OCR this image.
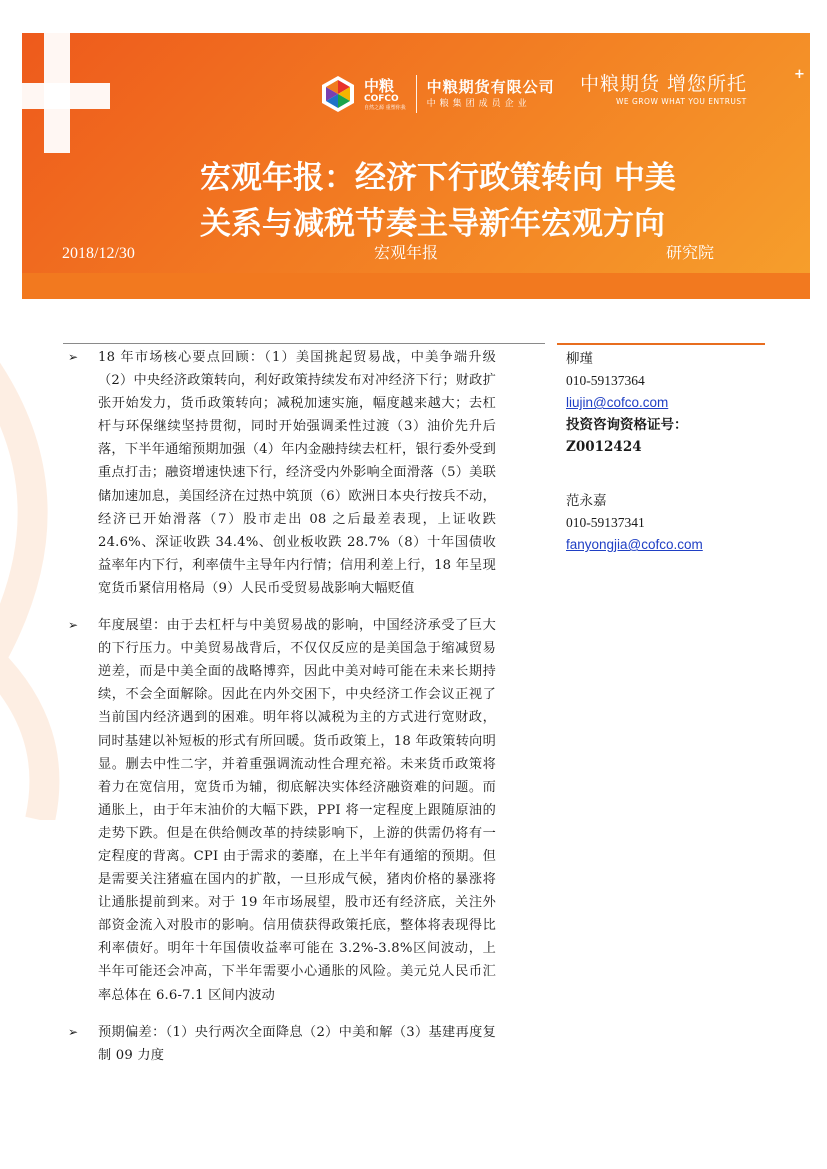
中粮
COFCO
自然之源 重塑你我
中粮期货有限公司
中粮集团成员企业
中粮期货 增您所托
WE GROW WHAT YOU ENTRUST
+
宏观年报：经济下行政策转向 中美
关系与减税节奏主导新年宏观方向
2018/12/30	宏观年报	研究院
➢ 18 年市场核心要点回顾：（1）美国挑起贸易战，中美争端升级（2）中央经济政策转向，利好政策持续发布对冲经济下行；财政扩张开始发力，货币政策转向；减税加速实施，幅度越来越大；去杠杆与环保继续坚持贯彻，同时开始强调柔性过渡（3）油价先升后落，下半年通缩预期加强（4）年内金融持续去杠杆，银行委外受到重点打击；融资增速快速下行，经济受内外影响全面滑落（5）美联储加速加息，美国经济在过热中筑顶（6）欧洲日本央行按兵不动，经济已开始滑落（7）股市走出 08 之后最差表现，上证收跌 24.6%、深证收跌 34.4%、创业板收跌 28.7%（8）十年国债收益率年内下行，利率债牛主导年内行情；信用利差上行，18 年呈现宽货币紧信用格局（9）人民币受贸易战影响大幅贬值
➢ 年度展望：由于去杠杆与中美贸易战的影响，中国经济承受了巨大的下行压力。中美贸易战背后，不仅仅反应的是美国急于缩减贸易逆差，而是中美全面的战略博弈，因此中美对峙可能在未来长期持续，不会全面解除。因此在内外交困下，中央经济工作会议正视了当前国内经济遇到的困难。明年将以减税为主的方式进行宽财政，同时基建以补短板的形式有所回暖。货币政策上，18 年政策转向明显。删去中性二字，并着重强调流动性合理充裕。未来货币政策将着力在宽信用，宽货币为辅，彻底解决实体经济融资难的问题。而通胀上，由于年末油价的大幅下跌，PPI 将一定程度上跟随原油的走势下跌。但是在供给侧改革的持续影响下，上游的供需仍将有一定程度的背离。CPI 由于需求的萎靡，在上半年有通缩的预期。但是需要关注猪瘟在国内的扩散，一旦形成气候，猪肉价格的暴涨将让通胀提前到来。对于 19 年市场展望，股市还有经济底，关注外部资金流入对股市的影响。信用债获得政策托底，整体将表现得比利率债好。明年十年国债收益率可能在 3.2%-3.8%区间波动，上半年可能还会冲高，下半年需要小心通胀的风险。美元兑人民币汇率总体在 6.6-7.1 区间内波动
➢ 预期偏差：（1）央行两次全面降息（2）中美和解（3）基建再度复制 09 力度
柳瑾
010-59137364
liujin@cofco.com
投资咨询资格证号：
Z0012424
范永嘉
010-59137341
fanyongjia@cofco.com
